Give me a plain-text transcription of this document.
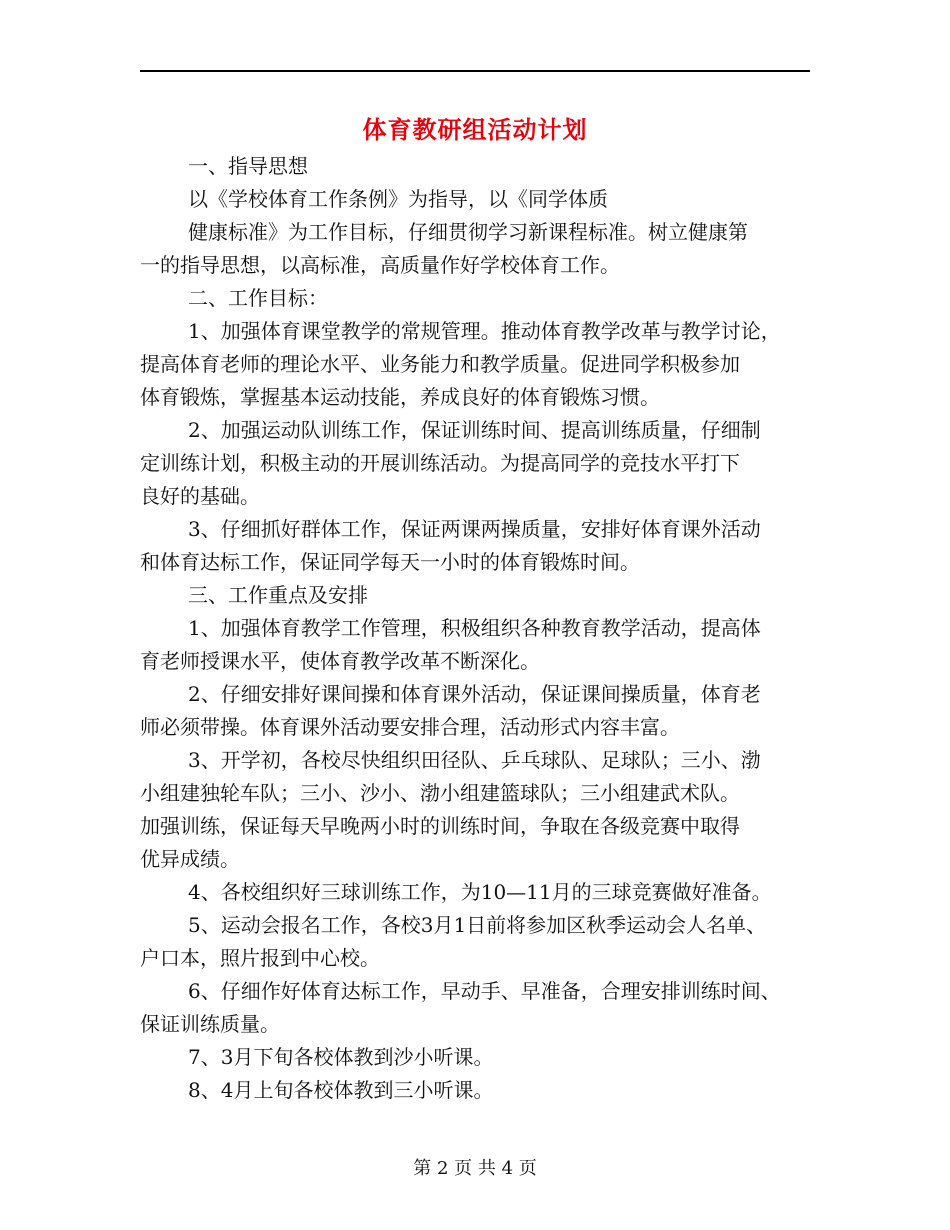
体育教研组活动计划
一、指导思想
以《学校体育工作条例》为指导，以《同学体质
健康标准》为工作目标，仔细贯彻学习新课程标准。树立健康第
一的指导思想，以高标准，高质量作好学校体育工作。
二、工作目标：
1、加强体育课堂教学的常规管理。推动体育教学改革与教学讨论，
提高体育老师的理论水平、业务能力和教学质量。促进同学积极参加
体育锻炼，掌握基本运动技能，养成良好的体育锻炼习惯。
2、加强运动队训练工作，保证训练时间、提高训练质量，仔细制
定训练计划，积极主动的开展训练活动。为提高同学的竞技水平打下
良好的基础。
3、仔细抓好群体工作，保证两课两操质量，安排好体育课外活动
和体育达标工作，保证同学每天一小时的体育锻炼时间。
三、工作重点及安排
1、加强体育教学工作管理，积极组织各种教育教学活动，提高体
育老师授课水平，使体育教学改革不断深化。
2、仔细安排好课间操和体育课外活动，保证课间操质量，体育老
师必须带操。体育课外活动要安排合理，活动形式内容丰富。
3、开学初，各校尽快组织田径队、乒乓球队、足球队；三小、渤
小组建独轮车队；三小、沙小、渤小组建篮球队；三小组建武术队。
加强训练，保证每天早晚两小时的训练时间，争取在各级竞赛中取得
优异成绩。
4、各校组织好三球训练工作，为10—11月的三球竞赛做好准备。
5、运动会报名工作，各校3月1日前将参加区秋季运动会人名单、
户口本，照片报到中心校。
6、仔细作好体育达标工作，早动手、早准备，合理安排训练时间、
保证训练质量。
7、3月下旬各校体教到沙小听课。
8、4月上旬各校体教到三小听课。
第 2 页 共 4 页
